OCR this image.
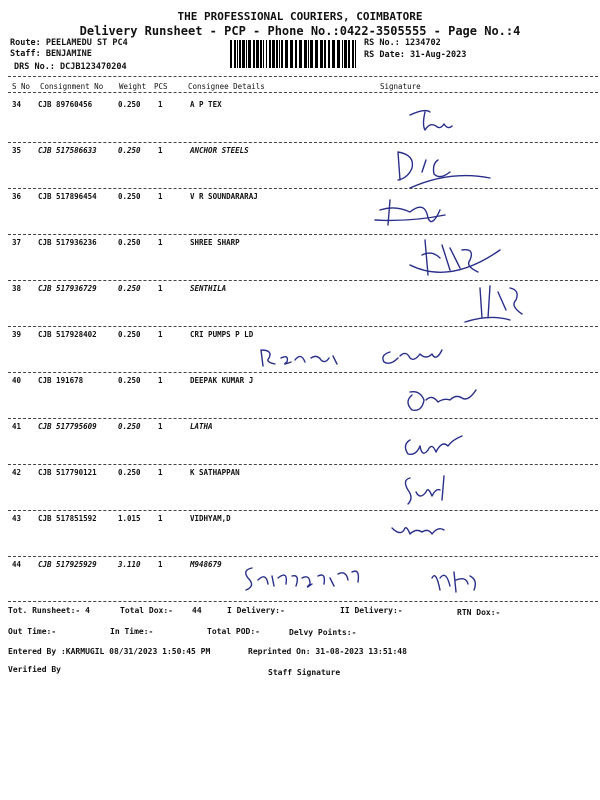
THE PROFESSIONAL COURIERS, COIMBATORE
Delivery Runsheet - PCP - Phone No.:0422-3505555 - Page No.:4
Route: PEELAMEDU ST PC4
Staff: BENJAMINE
DRS No.: DCJB123470204
RS No.: 1234702
RS Date: 31-Aug-2023
S No Consignment No Weight PCS	Consignee Details	Signature
34 CJB 89760456	0.250 1	A P TEX
35 CJB 517586633	0.250 1	ANCHOR STEELS
36 CJB 517896454	0.250 1	V R SOUNDARARAJ
37 CJB 517936236	0.250 1	SHREE SHARP
38 CJB 517936729	0.250 1	SENTHILA
39 CJB 517928402	0.250 1	CRI PUMPS P LD
40 CJB 191678	0.250 1	DEEPAK KUMAR J
41 CJB 517795609	0.250 1	LATHA
42 CJB 517790121	0.250 1	K SATHAPPAN
43 CJB 517851592	1.015 1	VIDHYAM,D
44 CJB 517925929	3.110 1	M948679
Tot. Runsheet:- 4	Total Dox:- 44	I Delivery:-	II Delivery:-	RTN Dox:-
Out Time:-	In Time:-	Total POD:-	Delvy Points:-
Entered By :KARMUGIL 08/31/2023 1:50:45 PM	Reprinted On: 31-08-2023 13:51:48
Verified By	Staff Signature
